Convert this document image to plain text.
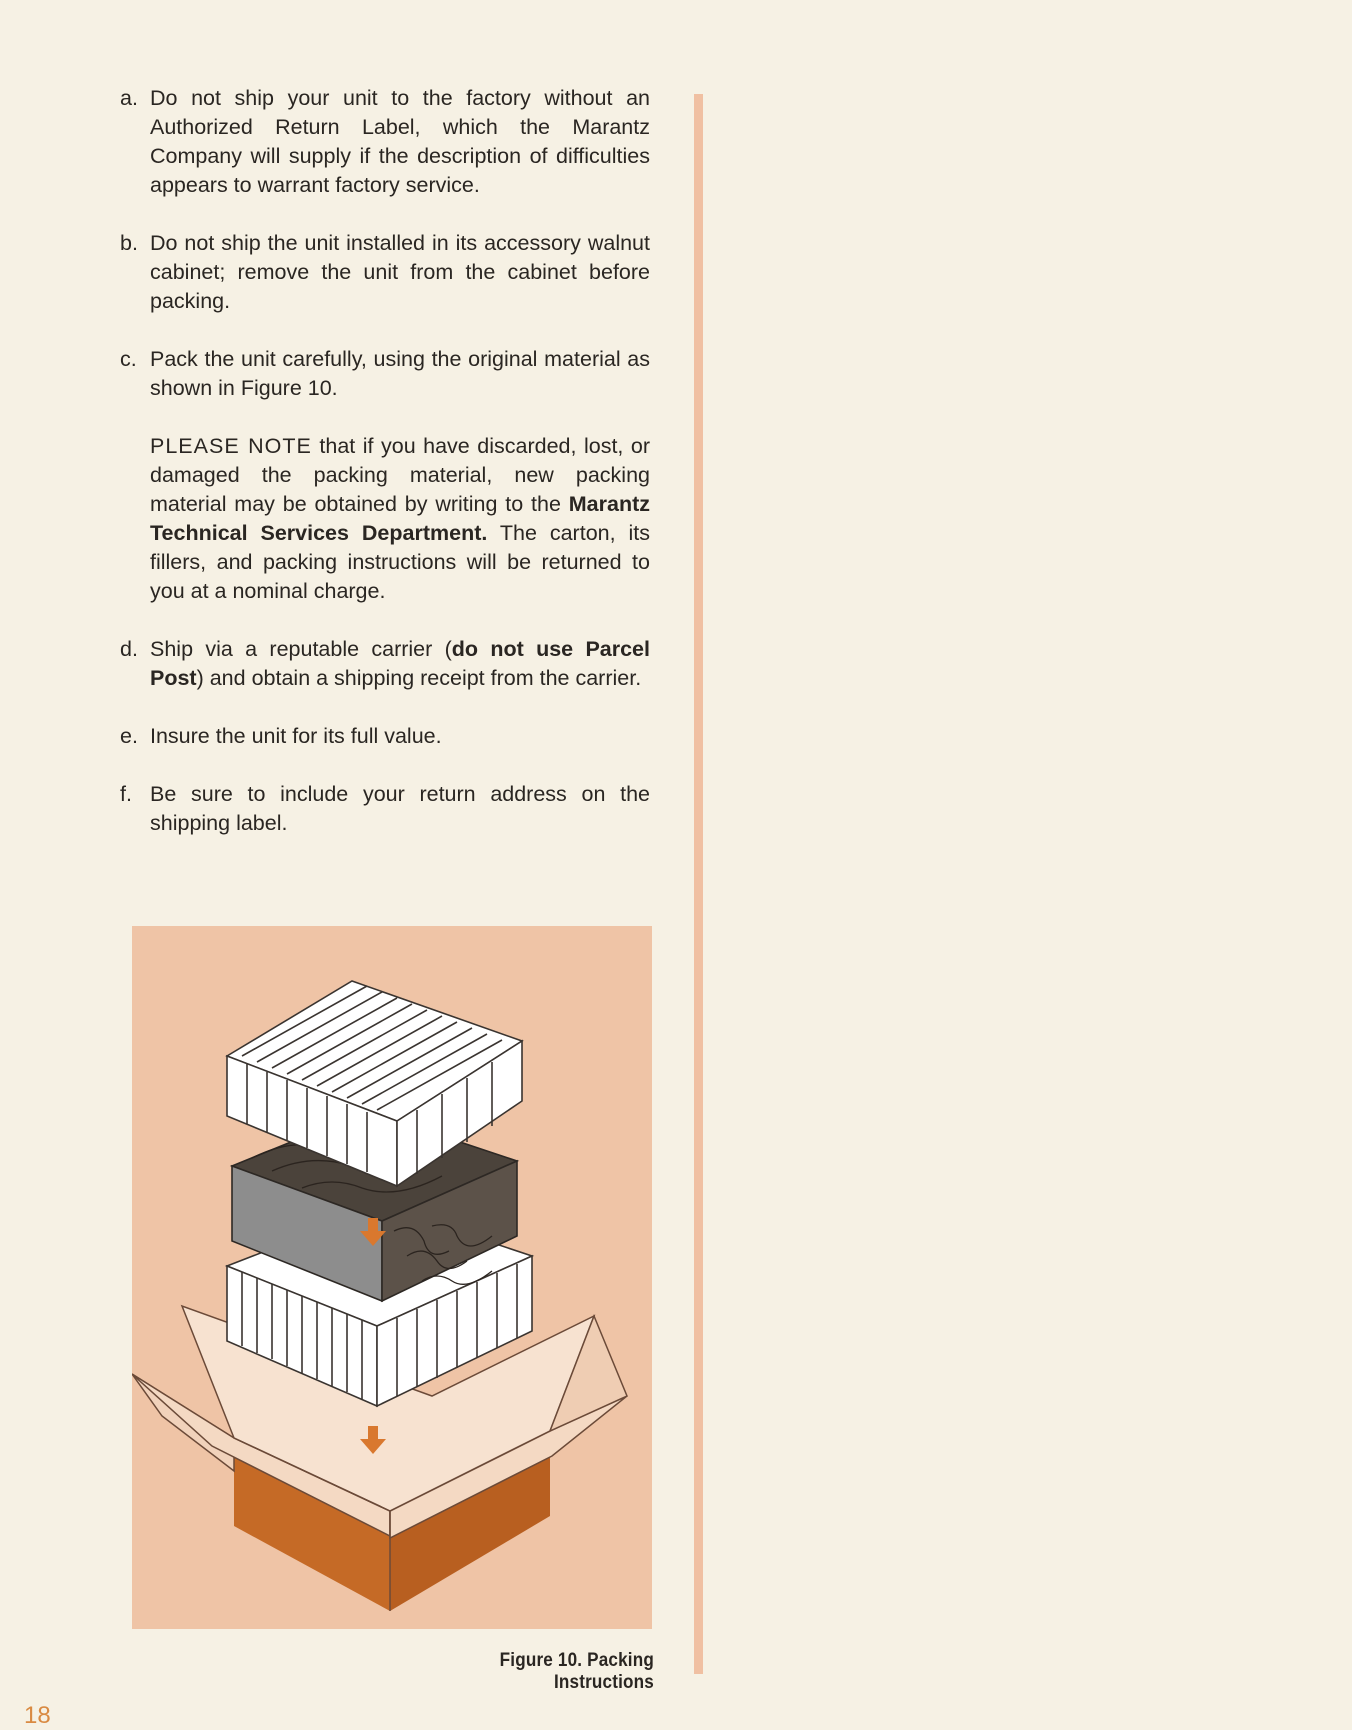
a. Do not ship your unit to the factory without an Authorized Return Label, which the Marantz Company will supply if the description of difficulties appears to warrant factory service.
b. Do not ship the unit installed in its accessory walnut cabinet; remove the unit from the cabinet before packing.
c. Pack the unit carefully, using the original material as shown in Figure 10.
PLEASE NOTE that if you have discarded, lost, or damaged the packing material, new packing material may be obtained by writing to the Marantz Technical Services Department. The carton, its fillers, and packing instructions will be returned to you at a nominal charge.
d. Ship via a reputable carrier (do not use Parcel Post) and obtain a shipping receipt from the carrier.
e. Insure the unit for its full value.
f. Be sure to include your return address on the shipping label.
Figure 10. Packing Instructions
18
